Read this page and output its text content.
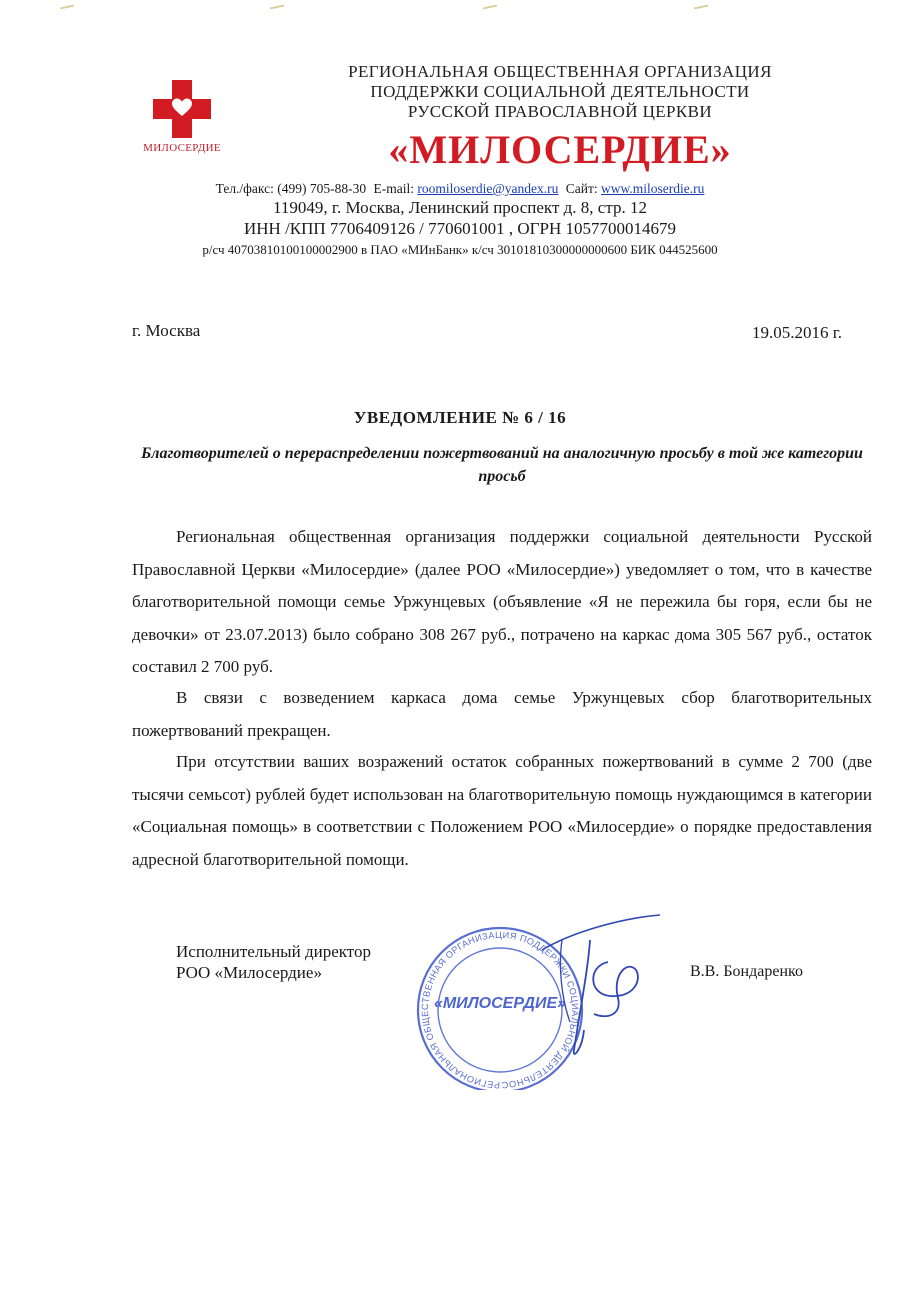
МИЛОСЕРДИЕ
РЕГИОНАЛЬНАЯ ОБЩЕСТВЕННАЯ ОРГАНИЗАЦИЯ
ПОДДЕРЖКИ СОЦИАЛЬНОЙ ДЕЯТЕЛЬНОСТИ
РУССКОЙ ПРАВОСЛАВНОЙ ЦЕРКВИ
«МИЛОСЕРДИЕ»
Тел./факс: (499) 705-88-30 E-mail: roomiloserdie@yandex.ru Сайт: www.miloserdie.ru
119049, г. Москва, Ленинский проспект д. 8, стр. 12
ИНН /КПП 7706409126 / 770601001 , ОГРН 1057700014679
р/сч 40703810100100002900 в ПАО «МИнБанк» к/сч 30101810300000000600 БИК 044525600
г. Москва	19.05.2016 г.
УВЕДОМЛЕНИЕ № 6 / 16
Благотворителей о перераспределении пожертвований на аналогичную просьбу в той же категории просьб
Региональная общественная организация поддержки социальной деятельности Русской Православной Церкви «Милосердие» (далее РОО «Милосердие») уведомляет о том, что в качестве благотворительной помощи семье Уржунцевых (объявление «Я не пережила бы горя, если бы не девочки» от 23.07.2013) было собрано 308 267 руб., потрачено на каркас дома 305 567 руб., остаток составил 2 700 руб.
В связи с возведением каркаса дома семье Уржунцевых сбор благотворительных пожертвований прекращен.
При отсутствии ваших возражений остаток собранных пожертвований в сумме 2 700 (две тысячи семьсот) рублей будет использован на благотворительную помощь нуждающимся в категории «Социальная помощь» в соответствии с Положением РОО «Милосердие» о порядке предоставления адресной благотворительной помощи.
Исполнительный директор
РОО «Милосердие»	В.В. Бондаренко
РЕГИОНАЛЬНАЯ ОБЩЕСТВЕННАЯ ОРГАНИЗАЦИЯ ПОДДЕРЖКИ СОЦИАЛЬНОЙ ДЕЯТЕЛЬНОС
«МИЛОСЕРДИЕ»
